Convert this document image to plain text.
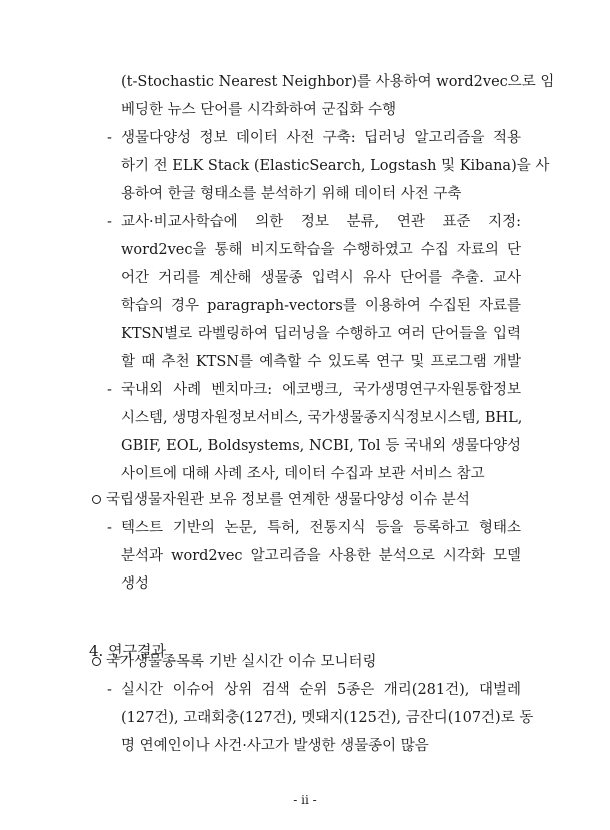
(t-Stochastic Nearest Neighbor)를 사용하여 word2vec으로 임

베딩한 뉴스 단어를 시각화하여 군집화 수행

- 생물다양성 정보 데이터 사전 구축: 딥러닝 알고리즘을 적용

하기 전 ELK Stack (ElasticSearch, Logstash 및 Kibana)을 사

용하여 한글 형태소를 분석하기 위해 데이터 사전 구축

- 교사·비교사학습에 의한 정보 분류, 연관 표준 지정:

word2vec을 통해 비지도학습을 수행하였고 수집 자료의 단

어간 거리를 계산해 생물종 입력시 유사 단어를 추출. 교사

학습의 경우 paragraph-vectors를 이용하여 수집된 자료를

KTSN별로 라벨링하여 딥러닝을 수행하고 여러 단어들을 입력

할 때 추천 KTSN를 예측할 수 있도록 연구 및 프로그램 개발

- 국내외 사례 벤치마크: 에코뱅크, 국가생명연구자원통합정보

시스템, 생명자원정보서비스, 국가생물종지식정보시스템, BHL,

GBIF, EOL, Boldsystems, NCBI, Tol 등 국내외 생물다양성

사이트에 대해 사례 조사, 데이터 수집과 보관 서비스 참고

국립생물자원관 보유 정보를 연계한 생물다양성 이슈 분석

- 텍스트 기반의 논문, 특허, 전통지식 등을 등록하고 형태소

분석과 word2vec 알고리즘을 사용한 분석으로 시각화 모델

생성

4. 연구결과

국가생물종목록 기반 실시간 이슈 모니터링

- 실시간 이슈어 상위 검색 순위 5종은 개리(281건), 대벌레

(127건), 고래회충(127건), 멧돼지(125건), 금잔디(107건)로 동

명 연예인이나 사건·사고가 발생한 생물종이 많음

- ii -
